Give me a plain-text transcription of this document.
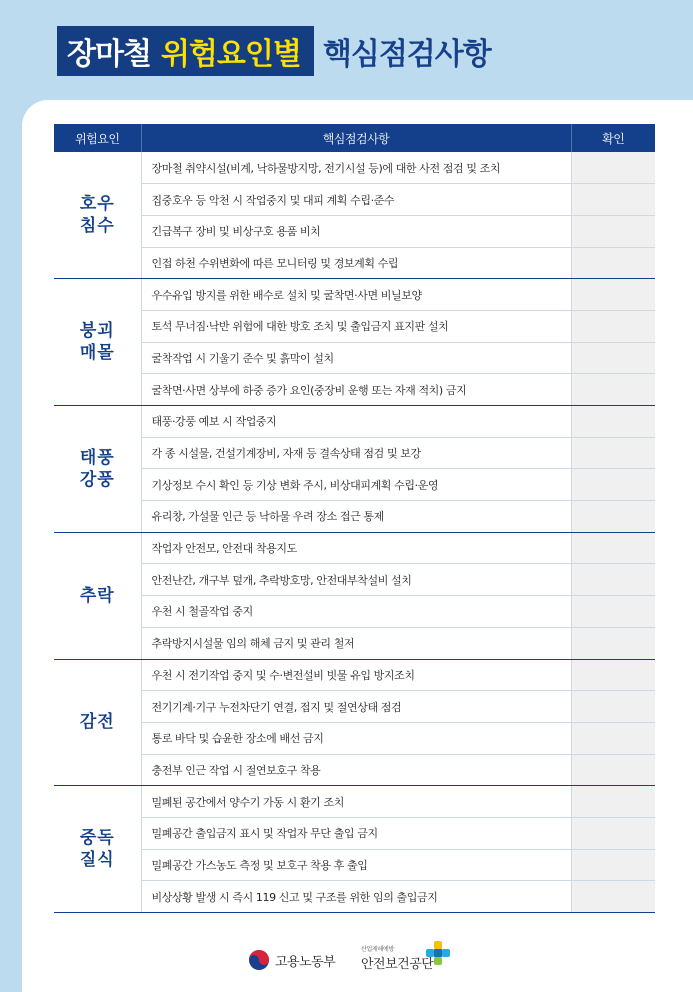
장마철 위험요인별 핵심점검사항
위험요인	핵심점검사항	확인

호우
침수	장마철 취약시설(비계, 낙하물방지망, 전기시설 등)에 대한 사전 점검 및 조치	
	집중호우 등 악천 시 작업중지 및 대피 계획 수립·준수	
	긴급복구 장비 및 비상구호 용품 비치	
	인접 하천 수위변화에 따른 모니터링 및 경보계획 수립	

붕괴
매몰	우수유입 방지를 위한 배수로 설치 및 굴착면·사면 비닐보양	
	토석 무너짐·낙반 위험에 대한 방호 조치 및 출입금지 표지판 설치	
	굴착작업 시 기울기 준수 및 흙막이 설치	
	굴착면·사면 상부에 하중 증가 요인(중장비 운행 또는 자재 적치) 금지	

태풍
강풍	태풍·강풍 예보 시 작업중지	
	각 종 시설물, 건설기계장비, 자재 등 결속상태 점검 및 보강	
	기상정보 수시 확인 등 기상 변화 주시, 비상대피계획 수립·운영	
	유리창, 가설물 인근 등 낙하물 우려 장소 접근 통제	

추락	작업자 안전모, 안전대 착용지도	
	안전난간, 개구부 덮개, 추락방호망, 안전대부착설비 설치	
	우천 시 철골작업 중지	
	추락방지시설물 임의 해체 금지 및 관리 철저	

감전	우천 시 전기작업 중지 및 수·변전설비 빗물 유입 방지조치	
	전기기계·기구 누전차단기 연결, 접지 및 절연상태 점검	
	통로 바닥 및 습윤한 장소에 배선 금지	
	충전부 인근 작업 시 절연보호구 착용	

중독
질식	밀폐된 공간에서 양수기 가동 시 환기 조치	
	밀폐공간 출입금지 표시 및 작업자 무단 출입 금지	
	밀폐공간 가스농도 측정 및 보호구 착용 후 출입	
	비상상황 발생 시 즉시 119 신고 및 구조를 위한 임의 출입금지	
고용노동부
산업재해예방
안전보건공단
